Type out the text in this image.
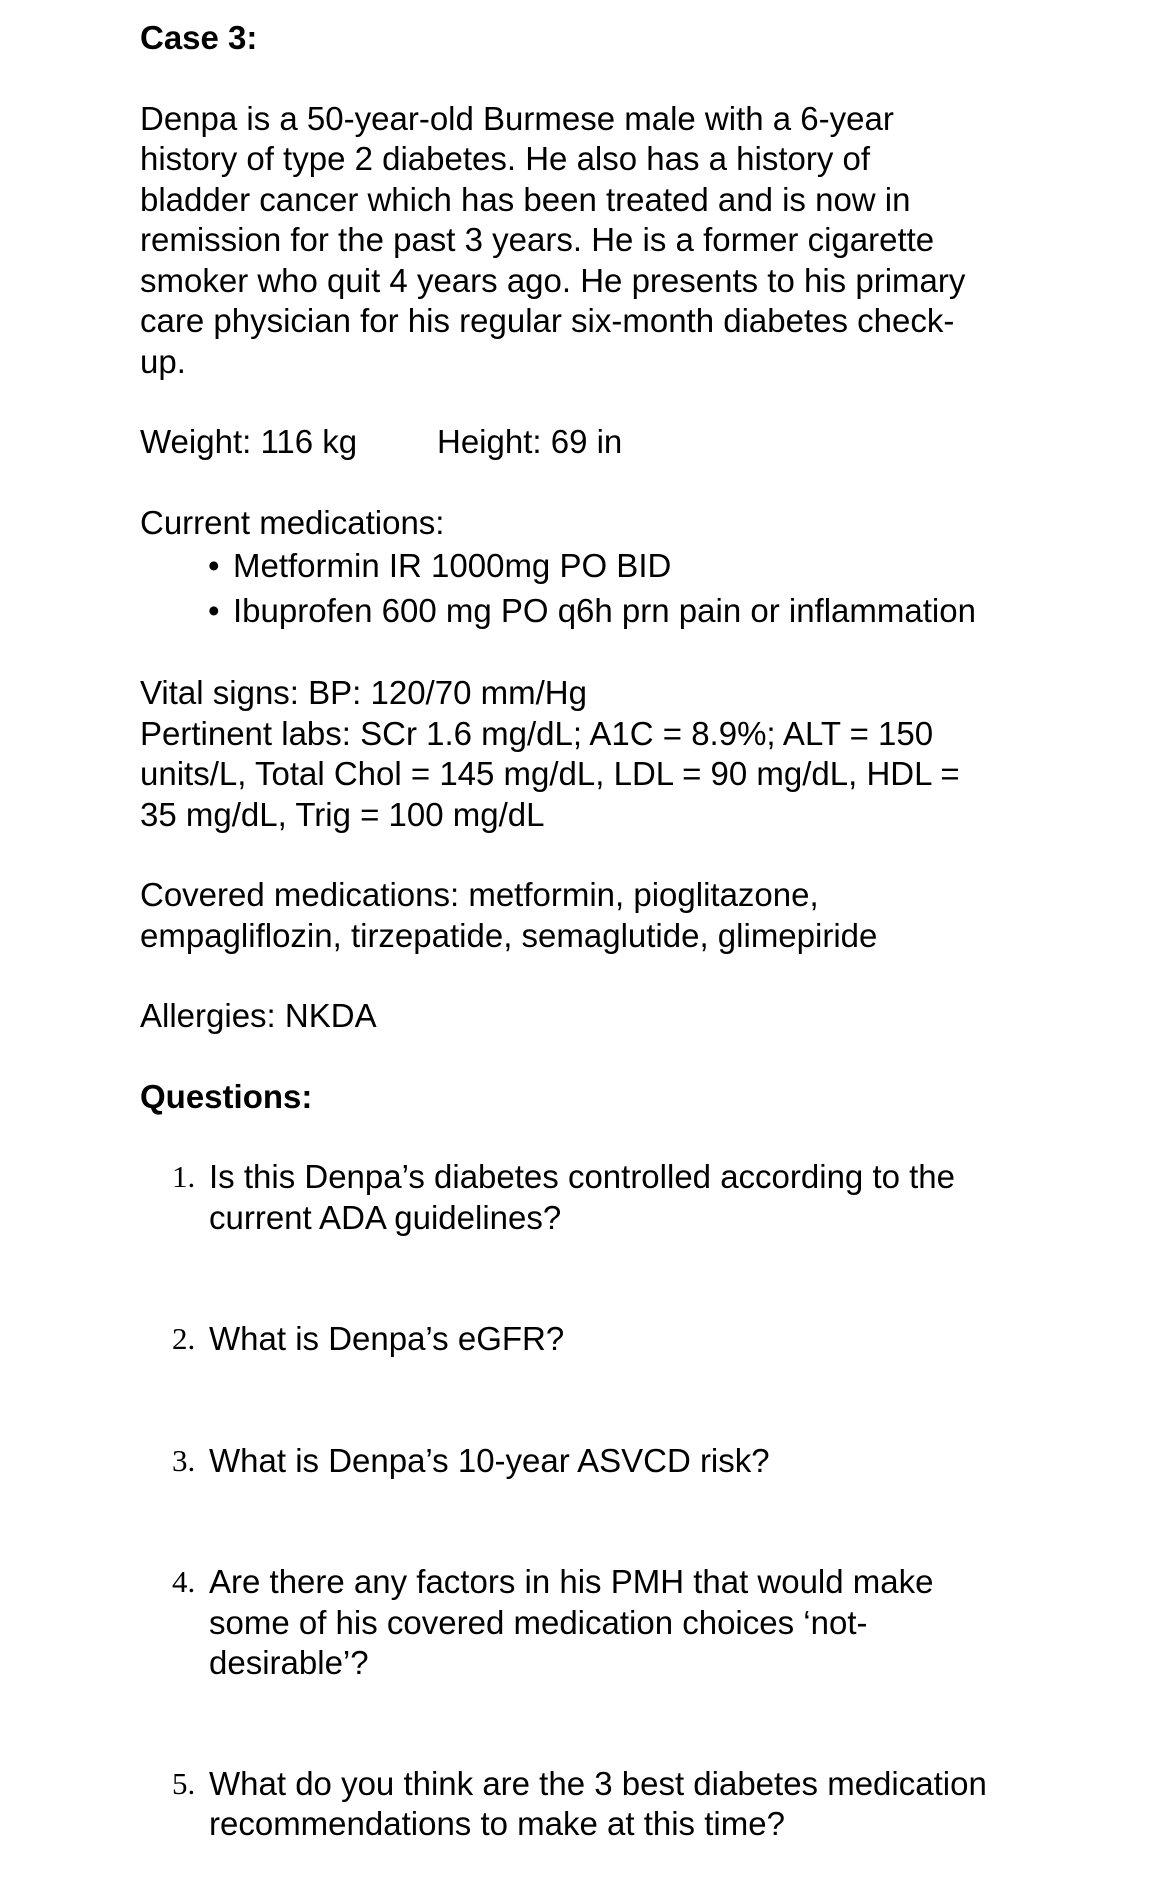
Case 3:
Denpa is a 50-year-old Burmese male with a 6-year
history of type 2 diabetes. He also has a history of
bladder cancer which has been treated and is now in
remission for the past 3 years. He is a former cigarette
smoker who quit 4 years ago. He presents to his primary
care physician for his regular six-month diabetes check-
up.
Weight: 116 kg	Height: 69 in
Current medications:
• Metformin IR 1000mg PO BID
• Ibuprofen 600 mg PO q6h prn pain or inflammation
Vital signs: BP: 120/70 mm/Hg
Pertinent labs: SCr 1.6 mg/dL; A1C = 8.9%; ALT = 150
units/L, Total Chol = 145 mg/dL, LDL = 90 mg/dL, HDL =
35 mg/dL, Trig = 100 mg/dL
Covered medications: metformin, pioglitazone,
empagliflozin, tirzepatide, semaglutide, glimepiride
Allergies: NKDA
Questions:
1. Is this Denpa’s diabetes controlled according to the
current ADA guidelines?
2. What is Denpa’s eGFR?
3. What is Denpa’s 10-year ASVCD risk?
4. Are there any factors in his PMH that would make
some of his covered medication choices ‘not-
desirable’?
5. What do you think are the 3 best diabetes medication
recommendations to make at this time?
